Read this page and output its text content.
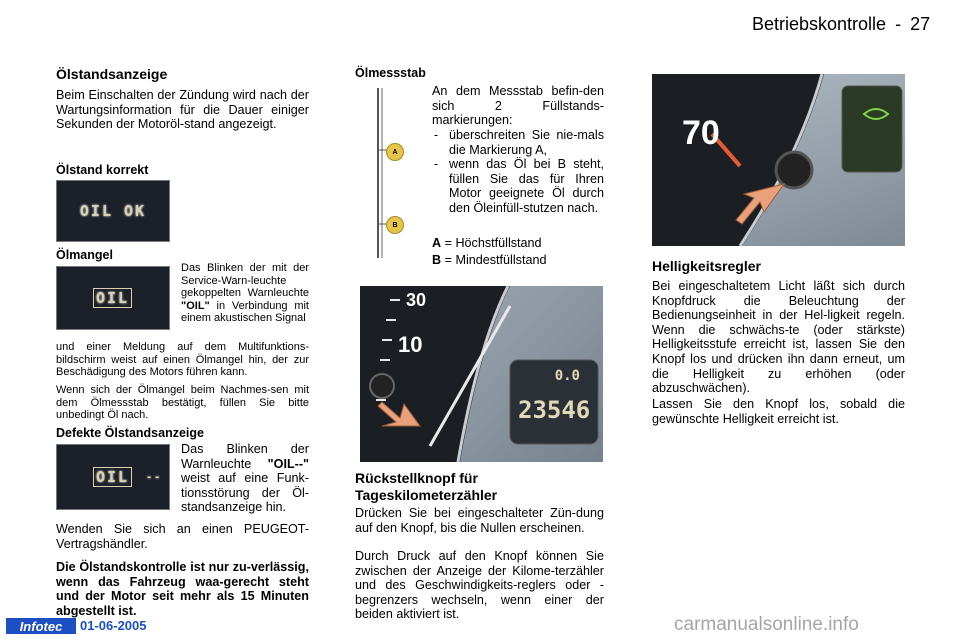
Betriebskontrolle - 27
Ölstandsanzeige
Beim Einschalten der Zündung wird nach der Wartungsinformation für die Dauer einiger Sekunden der Motoröl-stand angezeigt.
Ölstand korrekt
OIL OK
Ölmangel
OIL
Das Blinken der mit der Service-Warn-leuchte gekoppelten Warnleuchte "OIL" in Verbindung mit einem akustischen Signal
und einer Meldung auf dem Multifunktions-bildschirm weist auf einen Ölmangel hin, der zur Beschädigung des Motors führen kann.
Wenn sich der Ölmangel beim Nachmes-sen mit dem Ölmessstab bestätigt, füllen Sie bitte unbedingt Öl nach.
Defekte Ölstandsanzeige
OIL	--
Das Blinken der Warnleuchte "OIL--" weist auf eine Funk-tionsstörung der Öl-standsanzeige hin.
Wenden Sie sich an einen PEUGEOT-Vertragshändler.
Die Ölstandskontrolle ist nur zu-verlässig, wenn das Fahrzeug waa-gerecht steht und der Motor seit mehr als 15 Minuten abgestellt ist.
Ölmessstab
A
B
An dem Messstab befin-den sich 2 Füllstands-markierungen:
- überschreiten Sie nie-mals die Markierung A,
- wenn das Öl bei B steht, füllen Sie das für Ihren Motor geeignete Öl durch den Öleinfüll-stutzen nach.
A = Höchstfüllstand
B = Mindestfüllstand
30
10
0.0
23546
Rückstellknopf für
Tageskilometerzähler
Drücken Sie bei eingeschalteter Zün-dung auf den Knopf, bis die Nullen erscheinen.
Durch Druck auf den Knopf können Sie zwischen der Anzeige der Kilome-terzähler und des Geschwindigkeits-reglers oder -begrenzers wechseln, wenn einer der beiden aktiviert ist.
70
Helligkeitsregler
Bei eingeschaltetem Licht läßt sich durch Knopfdruck die Beleuchtung der Bedienungseinheit in der Hel-ligkeit regeln. Wenn die schwächs-te (oder stärkste) Helligkeitsstufe erreicht ist, lassen Sie den Knopf los und drücken ihn dann erneut, um die Helligkeit zu erhöhen (oder abzuschwächen).
Lassen Sie den Knopf los, sobald die gewünschte Helligkeit erreicht ist.
Infotec 01-06-2005	carmanualsonline.info
